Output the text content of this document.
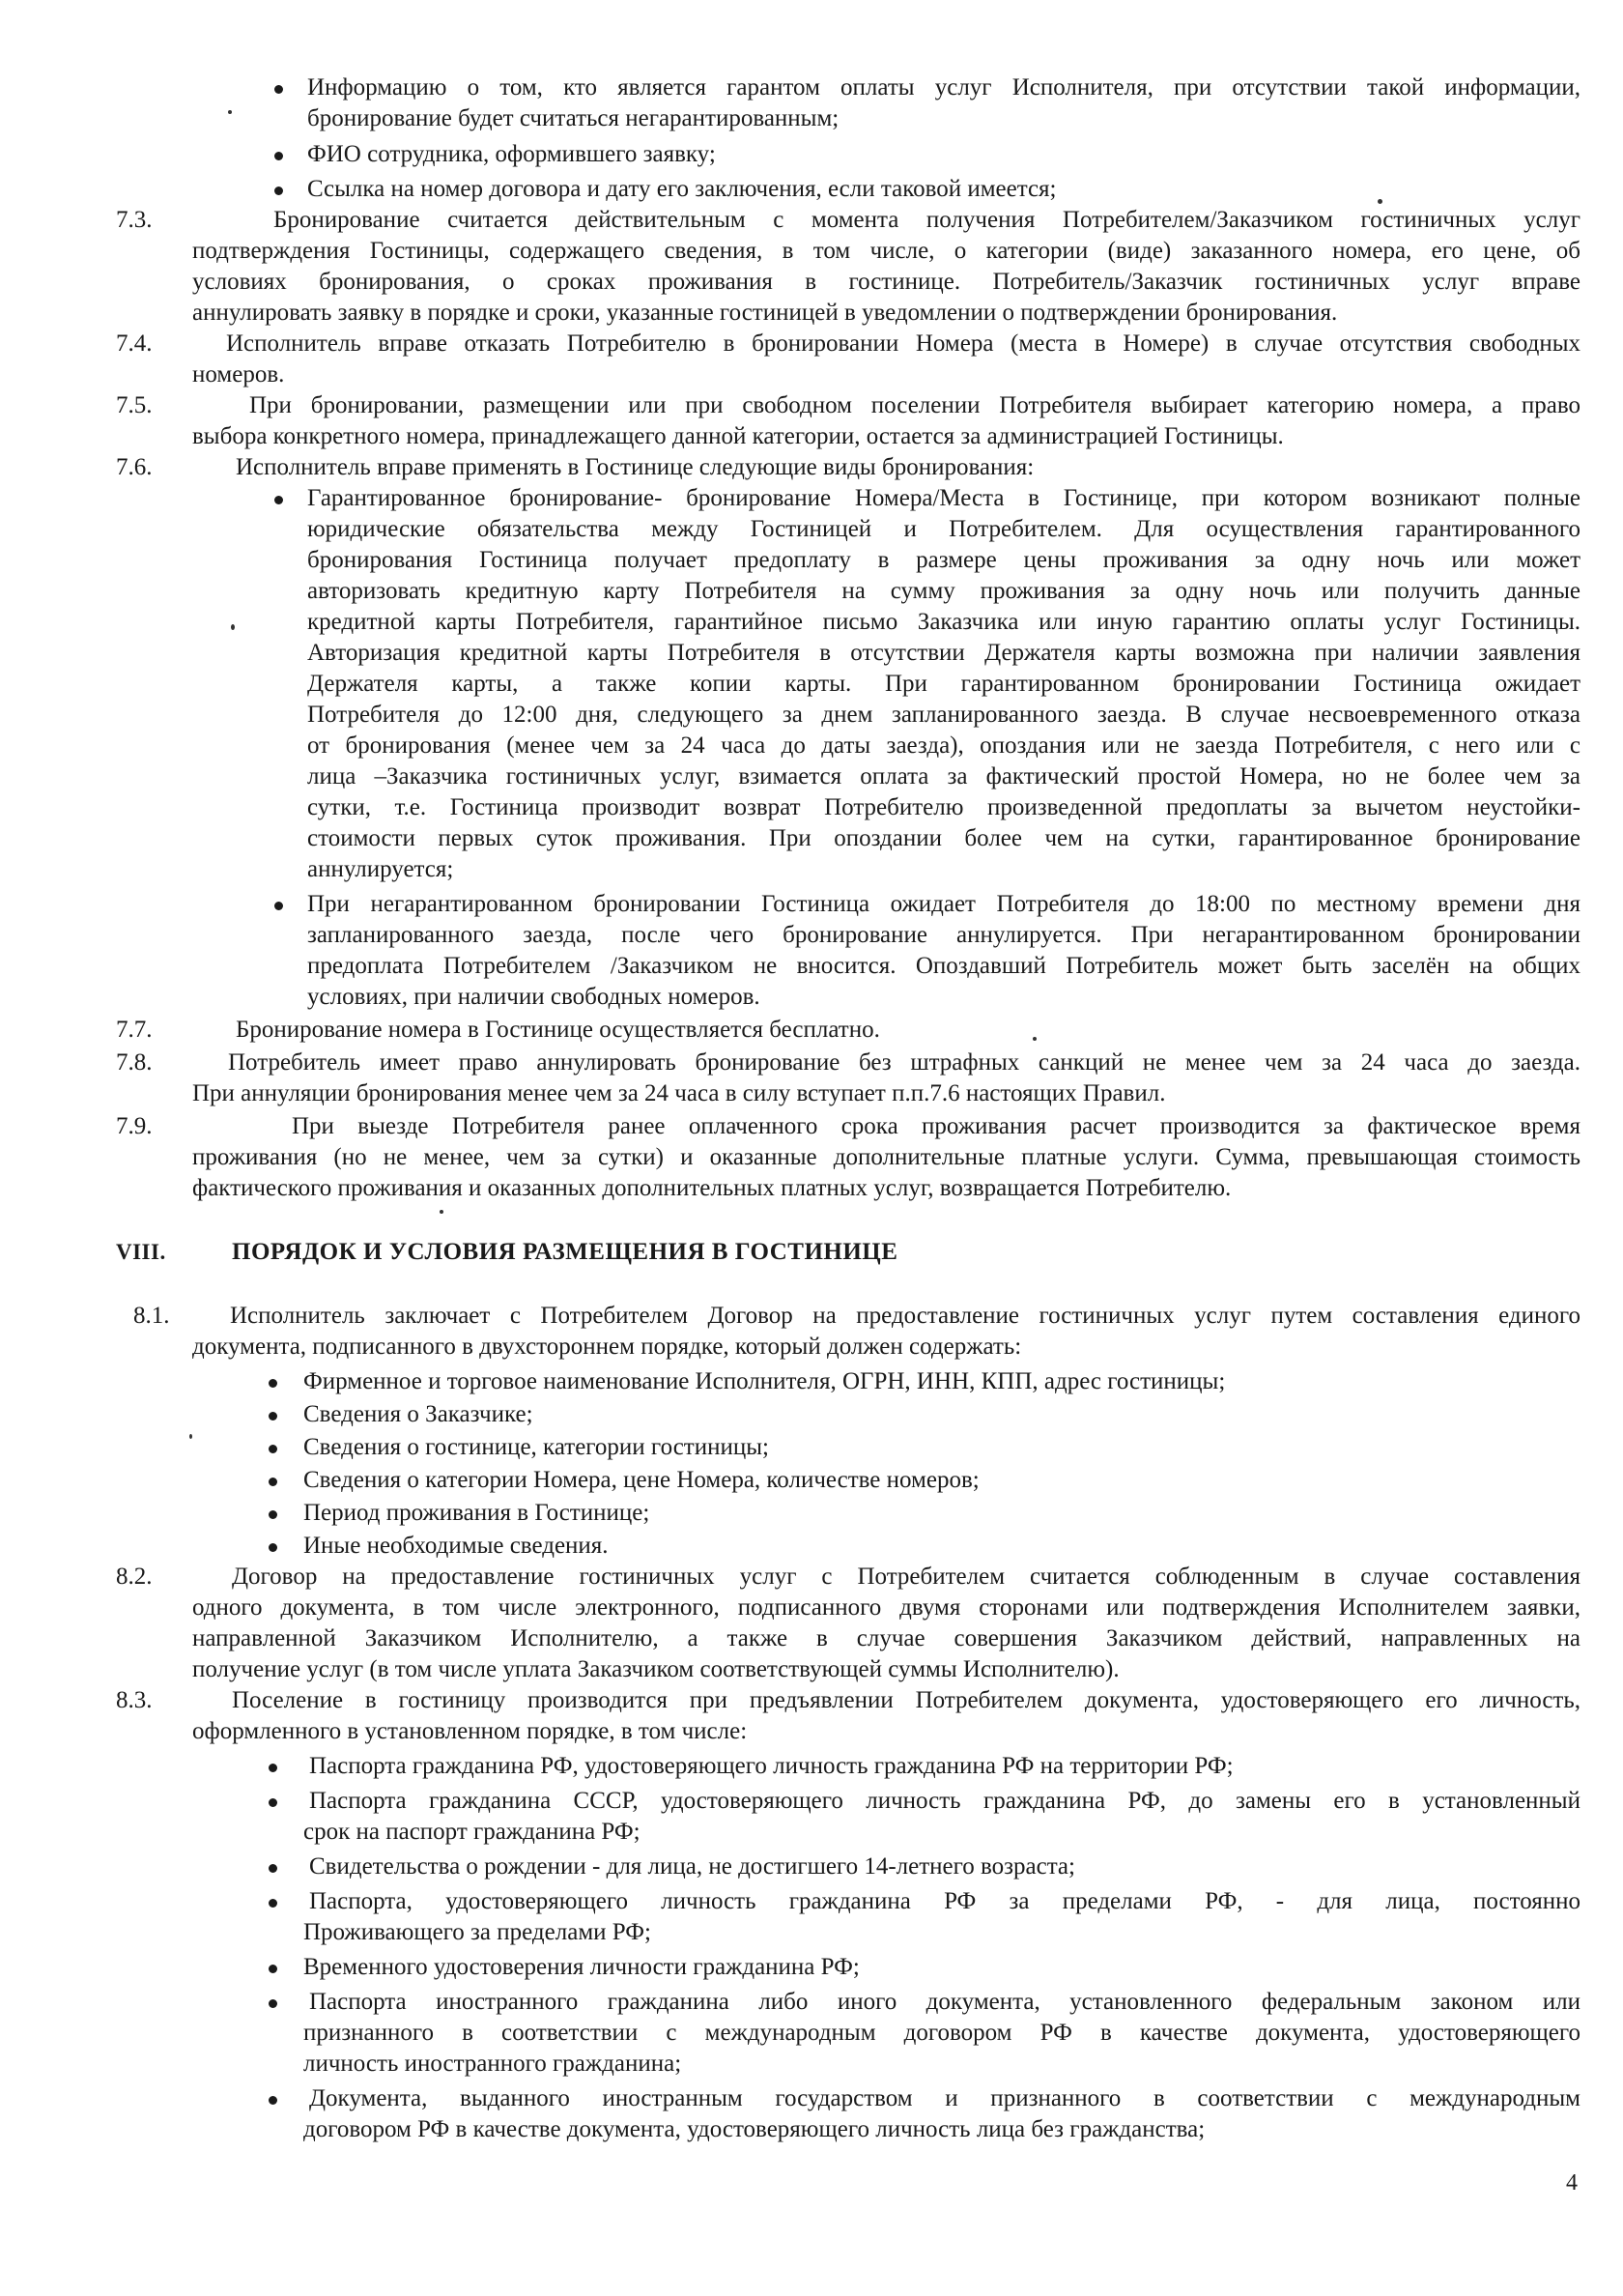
Информацию о том, кто является гарантом оплаты услуг Исполнителя, при отсутствии такой информации,
бронирование будет считаться негарантированным;
ФИО сотрудника, оформившего заявку;
Ссылка на номер договора и дату его заключения, если таковой имеется;
7.3.	Бронирование считается действительным с момента получения Потребителем/Заказчиком гостиничных услуг
подтверждения Гостиницы, содержащего сведения, в том числе, о категории (виде) заказанного номера, его цене, об
условиях бронирования, о сроках проживания в гостинице. Потребитель/Заказчик гостиничных услуг вправе
аннулировать заявку в порядке и сроки, указанные гостиницей в уведомлении о подтверждении бронирования.
7.4.	Исполнитель вправе отказать Потребителю в бронировании Номера (места в Номере) в случае отсутствия свободных
номеров.
7.5.	При бронировании, размещении или при свободном поселении Потребителя выбирает категорию номера, а право
выбора конкретного номера, принадлежащего данной категории, остается за администрацией Гостиницы.
7.6.	Исполнитель вправе применять в Гостинице следующие виды бронирования:
Гарантированное бронирование- бронирование Номера/Места в Гостинице, при котором возникают полные
юридические обязательства между Гостиницей и Потребителем. Для осуществления гарантированного
бронирования Гостиница получает предоплату в размере цены проживания за одну ночь или может
авторизовать кредитную карту Потребителя на сумму проживания за одну ночь или получить данные
кредитной карты Потребителя, гарантийное письмо Заказчика или иную гарантию оплаты услуг Гостиницы.
Авторизация кредитной карты Потребителя в отсутствии Держателя карты возможна при наличии заявления
Держателя карты, а также копии карты. При гарантированном бронировании Гостиница ожидает
Потребителя до 12:00 дня, следующего за днем запланированного заезда. В случае несвоевременного отказа
от бронирования (менее чем за 24 часа до даты заезда), опоздания или не заезда Потребителя, с него или с
лица –Заказчика гостиничных услуг, взимается оплата за фактический простой Номера, но не более чем за
сутки, т.е. Гостиница производит возврат Потребителю произведенной предоплаты за вычетом неустойки-
стоимости первых суток проживания. При опоздании более чем на сутки, гарантированное бронирование
аннулируется;
При негарантированном бронировании Гостиница ожидает Потребителя до 18:00 по местному времени дня
запланированного заезда, после чего бронирование аннулируется. При негарантированном бронировании
предоплата Потребителем /Заказчиком не вносится. Опоздавший Потребитель может быть заселён на общих
условиях, при наличии свободных номеров.
7.7.	Бронирование номера в Гостинице осуществляется бесплатно.
7.8.	Потребитель имеет право аннулировать бронирование без штрафных санкций не менее чем за 24 часа до заезда.
При аннуляции бронирования менее чем за 24 часа в силу вступает п.п.7.6 настоящих Правил.
7.9.	При выезде Потребителя ранее оплаченного срока проживания расчет производится за фактическое время
проживания (но не менее, чем за сутки) и оказанные дополнительные платные услуги. Сумма, превышающая стоимость
фактического проживания и оказанных дополнительных платных услуг, возвращается Потребителю.
VIII.	ПОРЯДОК И УСЛОВИЯ РАЗМЕЩЕНИЯ В ГОСТИНИЦЕ
8.1.	Исполнитель заключает с Потребителем Договор на предоставление гостиничных услуг путем составления единого
документа, подписанного в двухстороннем порядке, который должен содержать:
Фирменное и торговое наименование Исполнителя, ОГРН, ИНН, КПП, адрес гостиницы;
Сведения о Заказчике;
Сведения о гостинице, категории гостиницы;
Сведения о категории Номера, цене Номера, количестве номеров;
Период проживания в Гостинице;
Иные необходимые сведения.
8.2.	Договор на предоставление гостиничных услуг с Потребителем считается соблюденным в случае составления
одного документа, в том числе электронного, подписанного двумя сторонами или подтверждения Исполнителем заявки,
направленной Заказчиком Исполнителю, а также в случае совершения Заказчиком действий, направленных на
получение услуг (в том числе уплата Заказчиком соответствующей суммы Исполнителю).
8.3.	Поселение в гостиницу производится при предъявлении Потребителем документа, удостоверяющего его личность,
оформленного в установленном порядке, в том числе:
Паспорта гражданина РФ, удостоверяющего личность гражданина РФ на территории РФ;
Паспорта гражданина СССР, удостоверяющего личность гражданина РФ, до замены его в установленный
срок на паспорт гражданина РФ;
Свидетельства о рождении - для лица, не достигшего 14-летнего возраста;
Паспорта, удостоверяющего личность гражданина РФ за пределами РФ, - для лица, постоянно
Проживающего за пределами РФ;
Временного удостоверения личности гражданина РФ;
Паспорта иностранного гражданина либо иного документа, установленного федеральным законом или
признанного в соответствии с международным договором РФ в качестве документа, удостоверяющего
личность иностранного гражданина;
Документа, выданного иностранным государством и признанного в соответствии с международным
договором РФ в качестве документа, удостоверяющего личность лица без гражданства;
4
